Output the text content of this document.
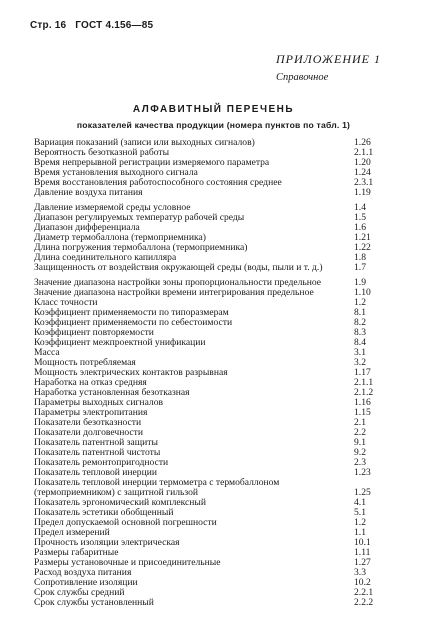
Стр. 16 ГОСТ 4.156—85
ПРИЛОЖЕНИЕ 1
Справочное
АЛФАВИТНЫЙ ПЕРЕЧЕНЬ
показателей качества продукции (номера пунктов по табл. 1)
Вариация показаний (записи или выходных сигналов)	1.26
Вероятность безотказной работы	2.1.1
Время непрерывной регистрации измеряемого параметра	1.20
Время установления выходного сигнала	1.24
Время восстановления работоспособного состояния среднее	2.3.1
Давление воздуха питания	1.19
Давление измеряемой среды условное	1.4
Диапазон регулируемых температур рабочей среды	1.5
Диапазон дифференциала	1.6
Диаметр термобаллона (термоприемника)	1.21
Длина погружения термобаллона (термоприемника)	1.22
Длина соединительного капилляра	1.8
Защищенность от воздействия окружающей среды (воды, пыли и т. д.)	1.7
Значение диапазона настройки зоны пропорциональности предельное	1.9
Значение диапазона настройки времени интегрирования предельное	1.10
Класс точности	1.2
Коэффициент применяемости по типоразмерам	8.1
Коэффициент применяемости по себестоимости	8.2
Коэффициент повторяемости	8.3
Коэффициент межпроектной унификации	8.4
Масса	3.1
Мощность потребляемая	3.2
Мощность электрических контактов разрывная	1.17
Наработка на отказ средняя	2.1.1
Наработка установленная безотказная	2.1.2
Параметры выходных сигналов	1.16
Параметры электропитания	1.15
Показатели безотказности	2.1
Показатели долговечности	2.2
Показатель патентной защиты	9.1
Показатель патентной чистоты	9.2
Показатель ремонтопригодности	2.3
Показатель тепловой инерции	1.23
Показатель тепловой инерции термометра с термобаллоном (термоприемником) с защитной гильзой	1.25
Показатель эргономический комплексный	4.1
Показатель эстетики обобщенный	5.1
Предел допускаемой основной погрешности	1.2
Предел измерений	1.1
Прочность изоляции электрическая	10.1
Размеры габаритные	1.11
Размеры установочные и присоединительные	1.27
Расход воздуха питания	3.3
Сопротивление изоляции	10.2
Срок службы средний	2.2.1
Срок службы установленный	2.2.2
